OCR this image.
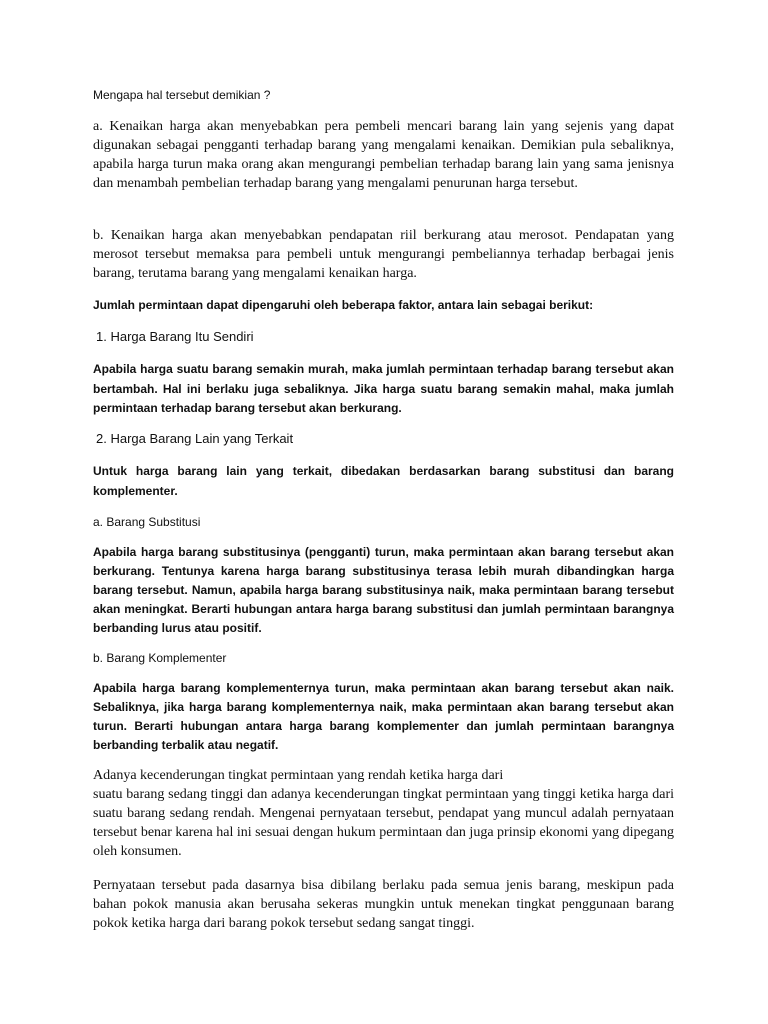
Mengapa hal tersebut demikian ?

a. Kenaikan harga akan menyebabkan pera pembeli mencari barang lain yang sejenis yang dapat digunakan sebagai pengganti terhadap barang yang mengalami kenaikan. Demikian pula sebaliknya, apabila harga turun maka orang akan mengurangi pembelian terhadap barang lain yang sama jenisnya dan menambah pembelian terhadap barang yang mengalami penurunan harga tersebut.

b. Kenaikan harga akan menyebabkan pendapatan riil berkurang atau merosot. Pendapatan yang merosot tersebut memaksa para pembeli untuk mengurangi pembeliannya terhadap berbagai jenis barang, terutama barang yang mengalami kenaikan harga.

Jumlah permintaan dapat dipengaruhi oleh beberapa faktor, antara lain sebagai berikut:

1. Harga Barang Itu Sendiri

Apabila harga suatu barang semakin murah, maka jumlah permintaan terhadap barang tersebut akan bertambah. Hal ini berlaku juga sebaliknya. Jika harga suatu barang semakin mahal, maka jumlah permintaan terhadap barang tersebut akan berkurang.

2. Harga Barang Lain yang Terkait

Untuk harga barang lain yang terkait, dibedakan berdasarkan barang substitusi dan barang komplementer.

a. Barang Substitusi

Apabila harga barang substitusinya (pengganti) turun, maka permintaan akan barang tersebut akan berkurang. Tentunya karena harga barang substitusinya terasa lebih murah dibandingkan harga barang tersebut. Namun, apabila harga barang substitusinya naik, maka permintaan barang tersebut akan meningkat. Berarti hubungan antara harga barang substitusi dan jumlah permintaan barangnya berbanding lurus atau positif.

b. Barang Komplementer

Apabila harga barang komplementernya turun, maka permintaan akan barang tersebut akan naik. Sebaliknya, jika harga barang komplementernya naik, maka permintaan akan barang tersebut akan turun. Berarti hubungan antara harga barang komplementer dan jumlah permintaan barangnya berbanding terbalik atau negatif.

Adanya kecenderungan tingkat permintaan yang rendah ketika harga dari
suatu barang sedang tinggi dan adanya kecenderungan tingkat permintaan yang tinggi ketika harga dari suatu barang sedang rendah. Mengenai pernyataan tersebut, pendapat yang muncul adalah pernyataan tersebut benar karena hal ini sesuai dengan hukum permintaan dan juga prinsip ekonomi yang dipegang oleh konsumen.

Pernyataan tersebut pada dasarnya bisa dibilang berlaku pada semua jenis barang, meskipun pada bahan pokok manusia akan berusaha sekeras mungkin untuk menekan tingkat penggunaan barang pokok ketika harga dari barang pokok tersebut sedang sangat tinggi.
